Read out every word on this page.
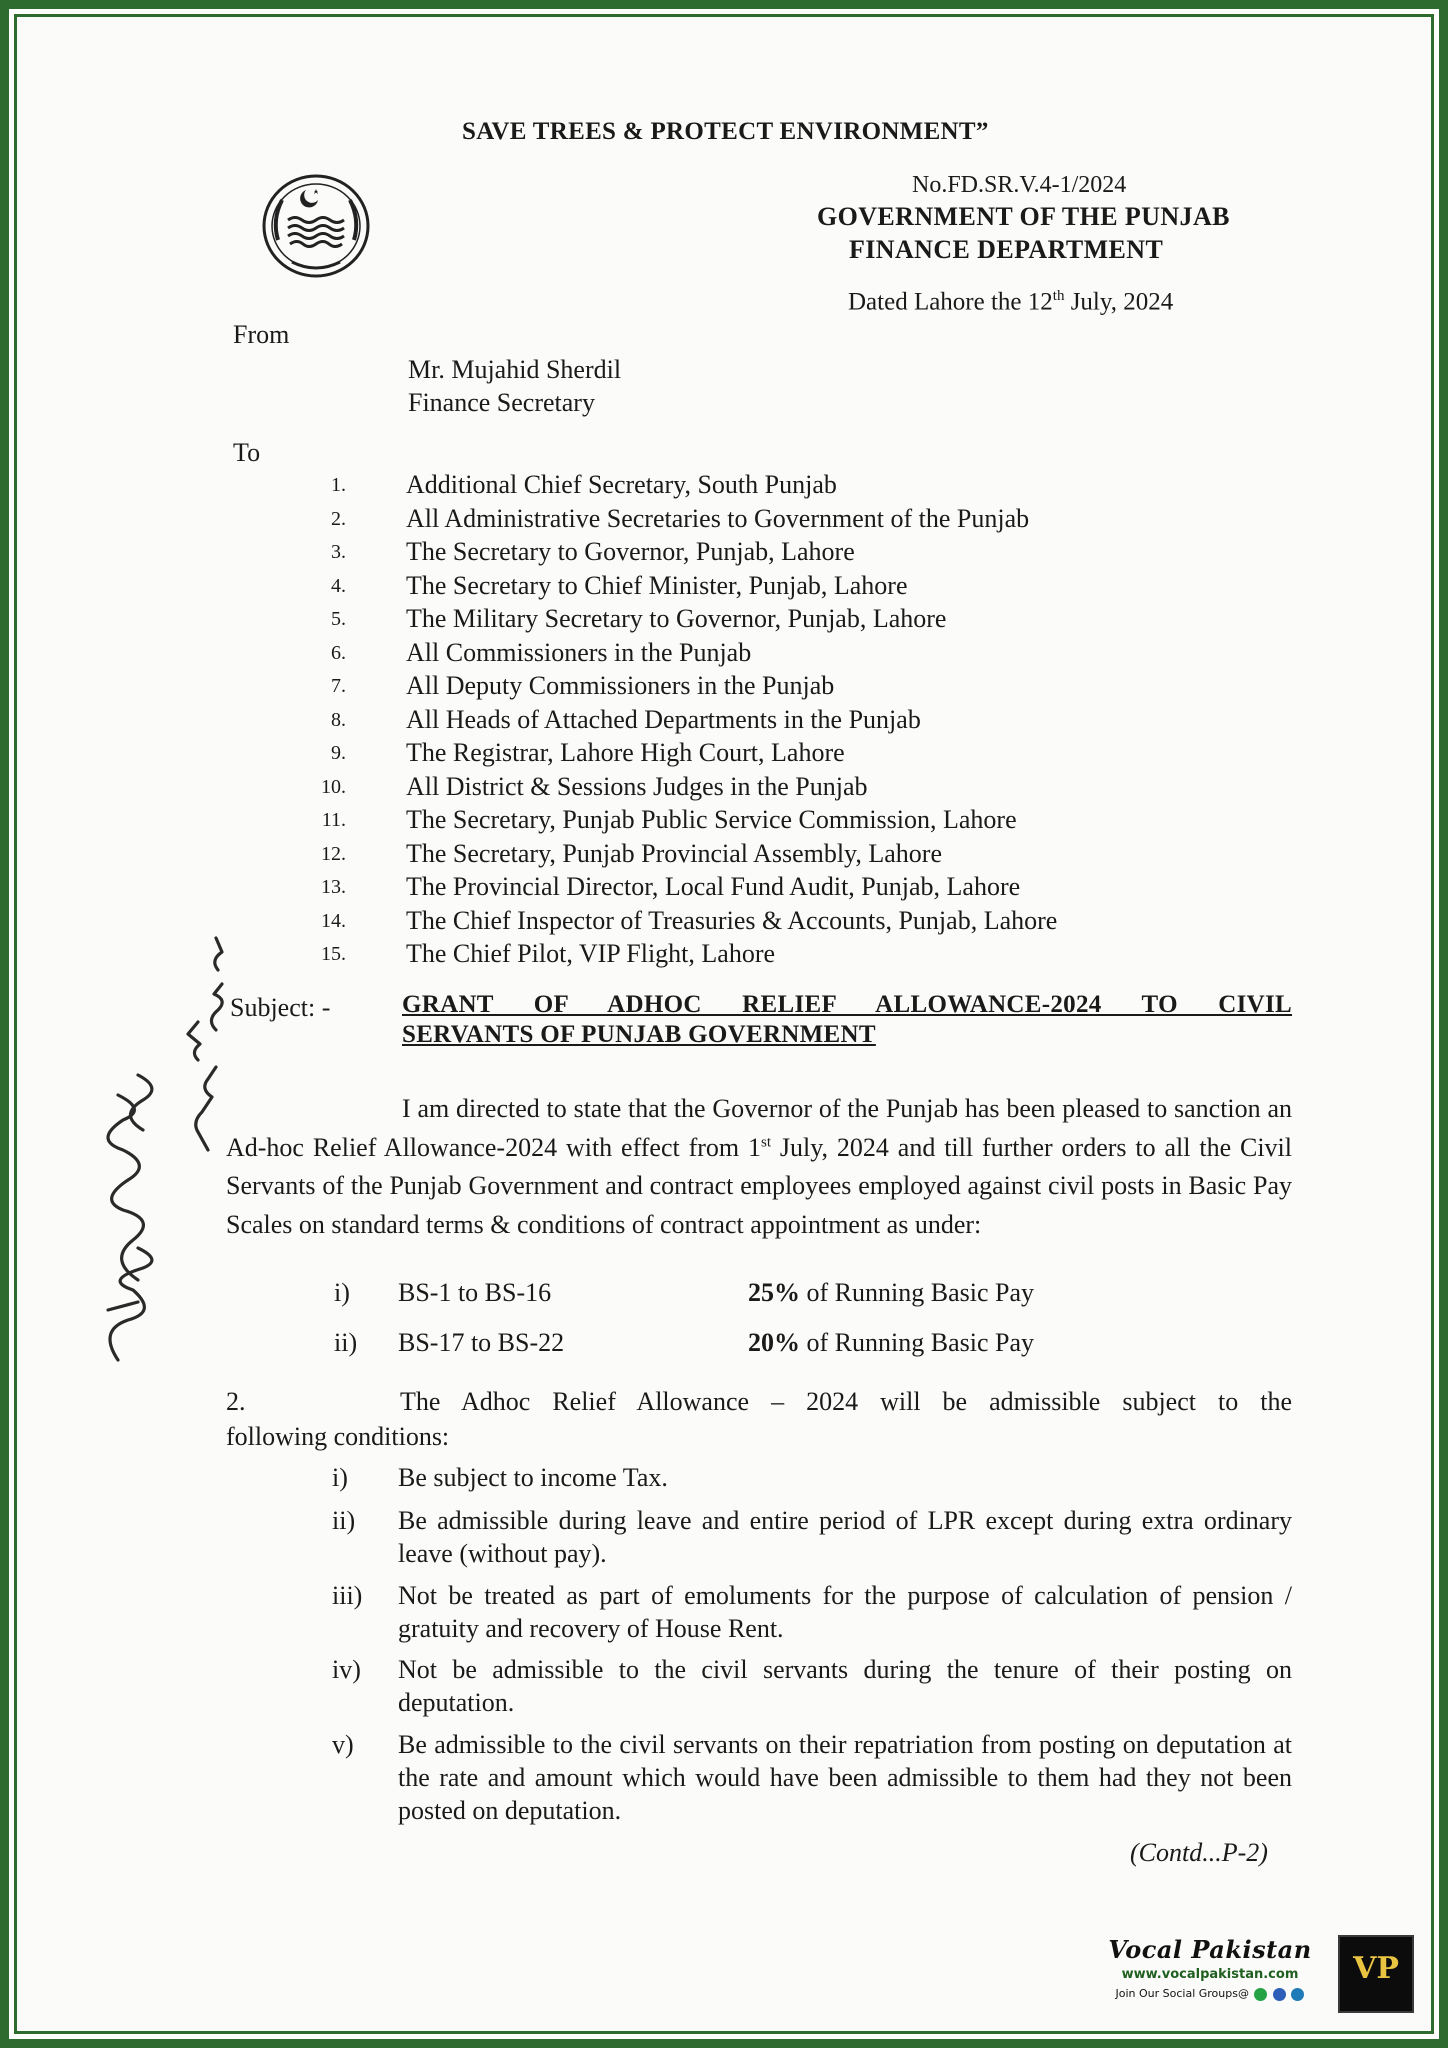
SAVE TREES & PROTECT ENVIRONMENT”
No.FD.SR.V.4-1/2024
GOVERNMENT OF THE PUNJAB
FINANCE DEPARTMENT
Dated Lahore the 12th July, 2024
From
Mr. Mujahid Sherdil
Finance Secretary
To
1. Additional Chief Secretary, South Punjab
2. All Administrative Secretaries to Government of the Punjab
3. The Secretary to Governor, Punjab, Lahore
4. The Secretary to Chief Minister, Punjab, Lahore
5. The Military Secretary to Governor, Punjab, Lahore
6. All Commissioners in the Punjab
7. All Deputy Commissioners in the Punjab
8. All Heads of Attached Departments in the Punjab
9. The Registrar, Lahore High Court, Lahore
10. All District & Sessions Judges in the Punjab
11. The Secretary, Punjab Public Service Commission, Lahore
12. The Secretary, Punjab Provincial Assembly, Lahore
13. The Provincial Director, Local Fund Audit, Punjab, Lahore
14. The Chief Inspector of Treasuries & Accounts, Punjab, Lahore
15. The Chief Pilot, VIP Flight, Lahore
Subject: -	GRANT OF ADHOC RELIEF ALLOWANCE-2024 TO CIVIL
SERVANTS OF PUNJAB GOVERNMENT

I am directed to state that the Governor of the Punjab has been pleased to sanction an Ad-hoc Relief Allowance-2024 with effect from 1st July, 2024 and till further orders to all the Civil Servants of the Punjab Government and contract employees employed against civil posts in Basic Pay Scales on standard terms & conditions of contract appointment as under:

i) BS-1 to BS-16	25% of Running Basic Pay
ii) BS-17 to BS-22	20% of Running Basic Pay
2.	The Adhoc Relief Allowance – 2024 will be admissible subject to the
following conditions:
i) Be subject to income Tax.
ii) Be admissible during leave and entire period of LPR except during extra ordinary leave (without pay).
iii) Not be treated as part of emoluments for the purpose of calculation of pension / gratuity and recovery of House Rent.
iv) Not be admissible to the civil servants during the tenure of their posting on deputation.
v) Be admissible to the civil servants on their repatriation from posting on deputation at the rate and amount which would have been admissible to them had they not been posted on deputation.
(Contd...P-2)
Vocal Pakistan
www.vocalpakistan.com
Join Our Social Groups@
VP
